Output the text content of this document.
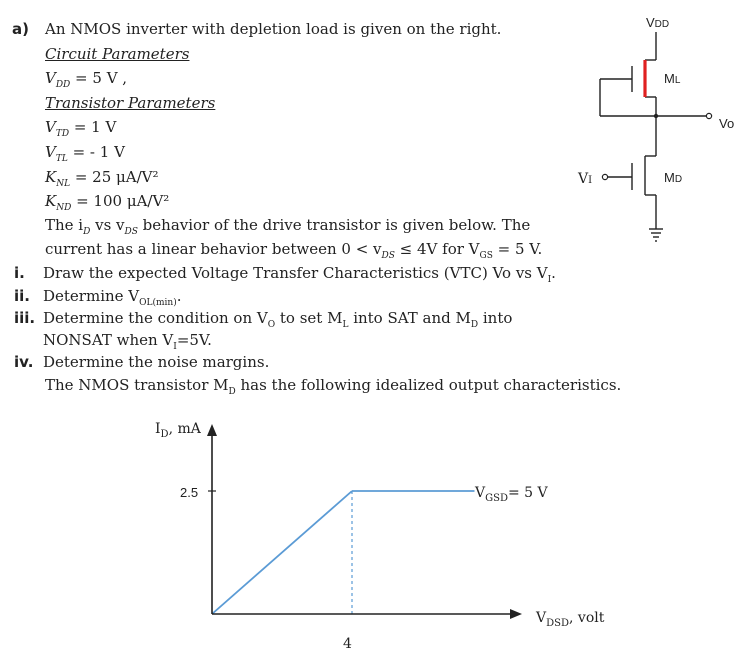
a) An NMOS inverter with depletion load is given on the right.
Circuit Parameters
$V_{DD} = 5$ V ,
Transistor Parameters
$V_{TD} = 1$ V
$V_{TL}$ = - 1 V
$K_{NL} = 25$ μA/V²
$K_{ND} = 100$ μA/V²
The $i_D$ vs $v_{DS}$ behavior of the drive transistor is given below. The
current has a linear behavior between $0 < v_{DS} \le 4V$ for $V_{GS} = 5$ V.
i. Draw the expected Voltage Transfer Characteristics (VTC) Vo vs $V_I$.
ii. Determine $V_{OL(min)}$.
iii. Determine the condition on $V_O$ to set $M_L$ into SAT and $M_D$ into
NONSAT when $V_I=5V$.
iv. Determine the noise margins.
The NMOS transistor $M_D$ has the following idealized output characteristics.
VDD
ML
MD
Vo
VI
$I_D$, mA
2.5
4
$V_{DSD}$, volt
$V_{GSD}= 5$ V
